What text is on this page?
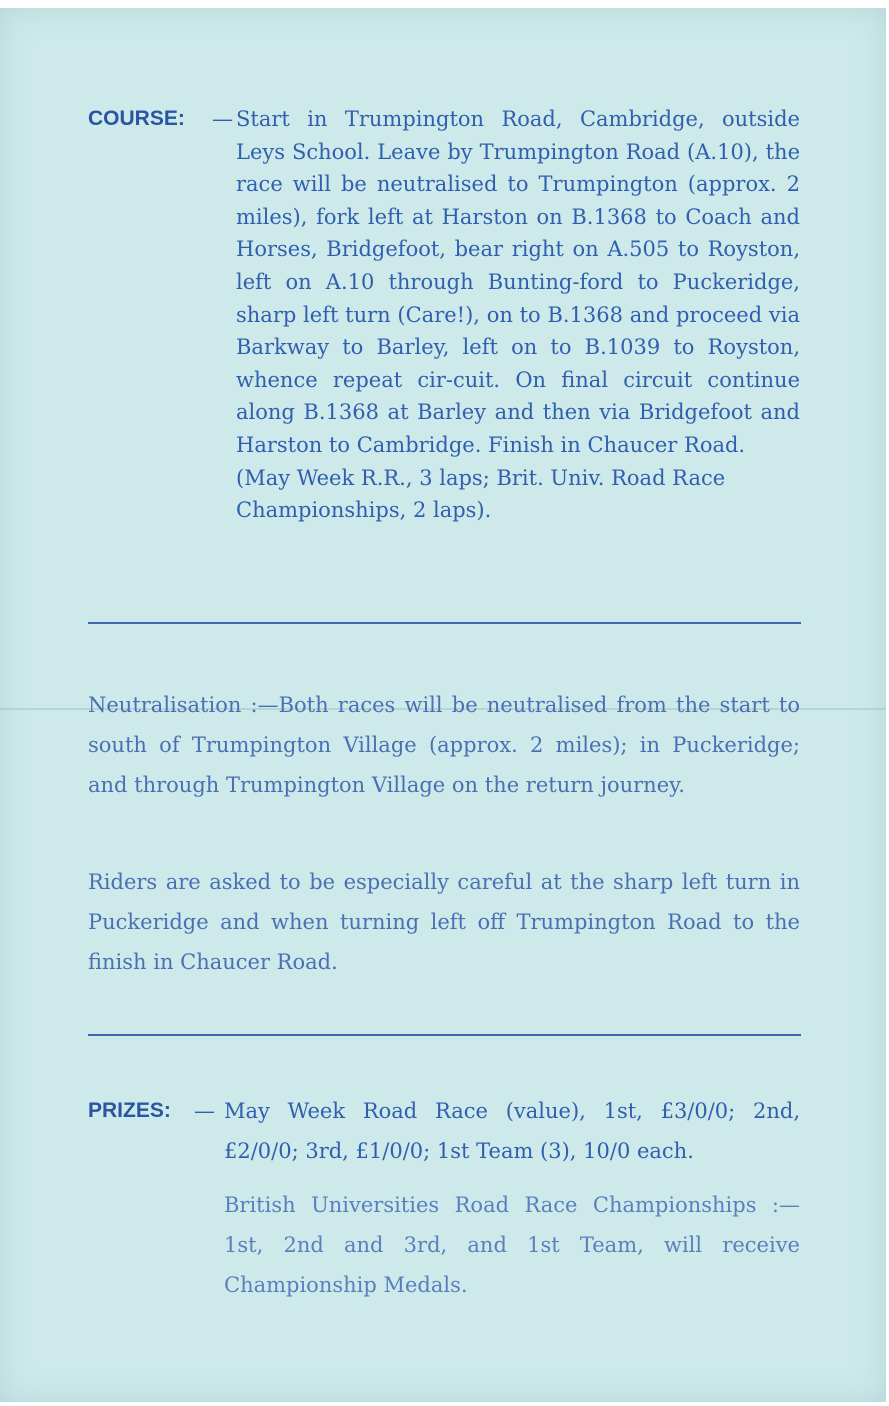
COURSE: — Start in Trumpington Road, Cambridge, outside Leys School. Leave by Trumpington Road (A.10), the race will be neutralised to Trumpington (approx. 2 miles), fork left at Harston on B.1368 to Coach and Horses, Bridgefoot, bear right on A.505 to Royston, left on A.10 through Bunting-ford to Puckeridge, sharp left turn (Care!), on to B.1368 and proceed via Barkway to Barley, left on to B.1039 to Royston, whence repeat cir-cuit. On final circuit continue along B.1368 at Barley and then via Bridgefoot and Harston to Cambridge. Finish in Chaucer Road.

(May Week R.R., 3 laps; Brit. Univ. Road Race Championships, 2 laps).

Neutralisation :—Both races will be neutralised from the start to south of Trumpington Village (approx. 2 miles); in Puckeridge; and through Trumpington Village on the return journey.

Riders are asked to be especially careful at the sharp left turn in Puckeridge and when turning left off Trumpington Road to the finish in Chaucer Road.

PRIZES: — May Week Road Race (value), 1st, £3/0/0; 2nd, £2/0/0; 3rd, £1/0/0; 1st Team (3), 10/0 each.

British Universities Road Race Championships :— 1st, 2nd and 3rd, and 1st Team, will receive Championship Medals.
